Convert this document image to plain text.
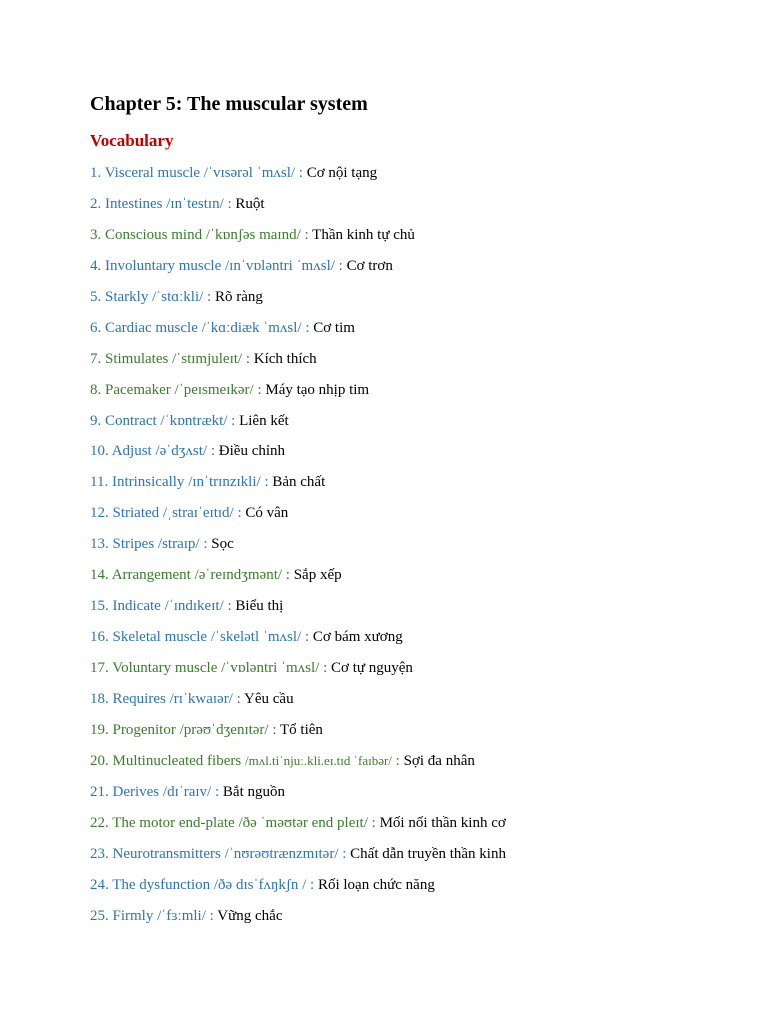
Chapter 5: The muscular system
Vocabulary
1. Visceral muscle /ˈvɪsərəl ˈmʌsl/ : Cơ nội tạng
2. Intestines /ɪnˈtestɪn/ : Ruột
3. Conscious mind /ˈkɒnʃəs maɪnd/ : Thần kinh tự chủ
4. Involuntary muscle /ɪnˈvɒləntri ˈmʌsl/ : Cơ trơn
5. Starkly /ˈstɑːkli/ : Rõ ràng
6. Cardiac muscle /ˈkɑːdiæk ˈmʌsl/ : Cơ tim
7. Stimulates /ˈstɪmjuleɪt/ : Kích thích
8. Pacemaker /ˈpeɪsmeɪkər/ : Máy tạo nhịp tim
9. Contract /ˈkɒntrækt/ : Liên kết
10. Adjust /əˈdʒʌst/ : Điều chỉnh
11. Intrinsically /ɪnˈtrɪnzɪkli/ : Bản chất
12. Striated /ˌstraɪˈeɪtɪd/ : Có vân
13. Stripes /straɪp/ : Sọc
14. Arrangement /əˈreɪndʒmənt/ : Sắp xếp
15. Indicate /ˈɪndɪkeɪt/ : Biểu thị
16. Skeletal muscle /ˈskelətl ˈmʌsl/ : Cơ bám xương
17. Voluntary muscle /ˈvɒləntri ˈmʌsl/ : Cơ tự nguyện
18. Requires /rɪˈkwaɪər/ : Yêu cầu
19. Progenitor /prəʊˈdʒenɪtər/ : Tổ tiên
20. Multinucleated fibers /mʌl.tiˈnjuː.kli.eɪ.tɪd ˈfaɪbər/ : Sợi đa nhân
21. Derives /dɪˈraɪv/ : Bắt nguồn
22. The motor end-plate /ðə ˈməʊtər end pleɪt/ : Mối nối thần kinh cơ
23. Neurotransmitters /ˈnʊrəʊtrænzmɪtər/ : Chất dẫn truyền thần kinh
24. The dysfunction /ðə dɪsˈfʌŋkʃn / : Rối loạn chức năng
25. Firmly /ˈfɜːmli/ : Vững chắc
